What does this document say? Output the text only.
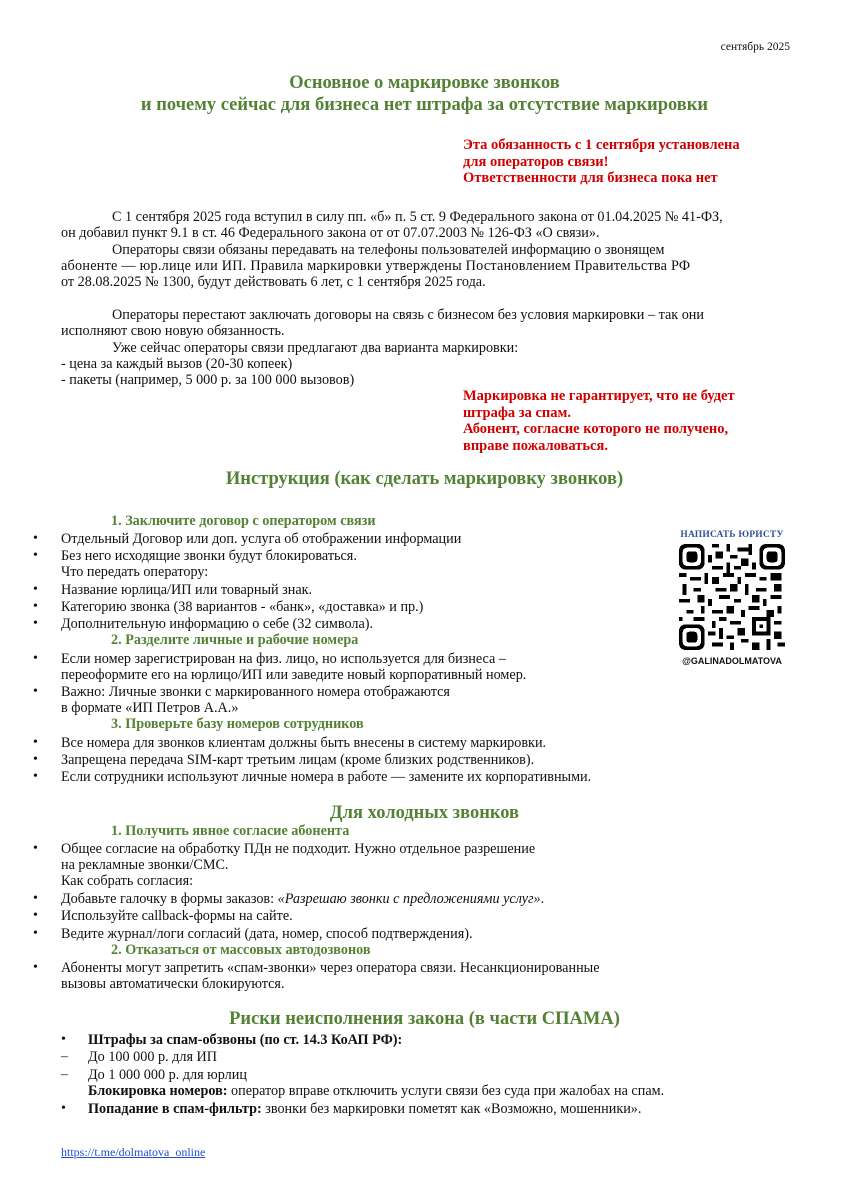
сентябрь 2025
Основное о маркировке звонков
и почему сейчас для бизнеса нет штрафа за отсутствие маркировки
Эта обязанность с 1 сентября установлена
для операторов связи!
Ответственности для бизнеса пока нет
С 1 сентября 2025 года вступил в силу пп. «б» п. 5 ст. 9 Федерального закона от 01.04.2025 № 41-ФЗ,
он добавил пункт 9.1 в ст. 46 Федерального закона от от 07.07.2003 № 126-ФЗ «О связи».
Операторы связи обязаны передавать на телефоны пользователей информацию о звонящем
абоненте — юр.лице или ИП. Правила маркировки утверждены Постановлением Правительства РФ
от 28.08.2025 № 1300, будут действовать 6 лет, с 1 сентября 2025 года.
Операторы перестают заключать договоры на связь с бизнесом без условия маркировки – так они
исполняют свою новую обязанность.
Уже сейчас операторы связи предлагают два варианта маркировки:
- цена за каждый вызов (20-30 копеек)
- пакеты (например, 5 000 р. за 100 000 вызовов)
Маркировка не гарантирует, что не будет
штрафа за спам.
Абонент, согласие которого не получено,
вправе пожаловаться.
Инструкция (как сделать маркировку звонков)
1. Заключите договор с оператором связи
• Отдельный Договор или доп. услуга об отображении информации
• Без него исходящие звонки будут блокироваться.
Что передать оператору:
• Название юрлица/ИП или товарный знак.
• Категорию звонка (38 вариантов - «банк», «доставка» и пр.)
• Дополнительную информацию о себе (32 символа).
2. Разделите личные и рабочие номера
• Если номер зарегистрирован на физ. лицо, но используется для бизнеса –
переоформите его на юрлицо/ИП или заведите новый корпоративный номер.
• Важно: Личные звонки с маркированного номера отображаются
в формате «ИП Петров А.А.»
3. Проверьте базу номеров сотрудников
• Все номера для звонков клиентам должны быть внесены в систему маркировки.
• Запрещена передача SIM-карт третьим лицам (кроме близких родственников).
• Если сотрудники используют личные номера в работе — замените их корпоративными.
НАПИСАТЬ ЮРИСТУ
@GALINADOLMATOVA
Для холодных звонков
1. Получить явное согласие абонента
• Общее согласие на обработку ПДн не подходит. Нужно отдельное разрешение
на рекламные звонки/СМС.
Как собрать согласия:
• Добавьте галочку в формы заказов: «Разрешаю звонки с предложениями услуг».
• Используйте callback-формы на сайте.
• Ведите журнал/логи согласий (дата, номер, способ подтверждения).
2. Отказаться от массовых автодозвонов
• Абоненты могут запретить «спам-звонки» через оператора связи. Несанкционированные
вызовы автоматически блокируются.
Риски неисполнения закона (в части СПАМА)
• Штрафы за спам-обзвоны (по ст. 14.3 КоАП РФ):
– До 100 000 р. для ИП
– До 1 000 000 р. для юрлиц
Блокировка номеров: оператор вправе отключить услуги связи без суда при жалобах на спам.
• Попадание в спам-фильтр: звонки без маркировки пометят как «Возможно, мошенники».
https://t.me/dolmatova_online
